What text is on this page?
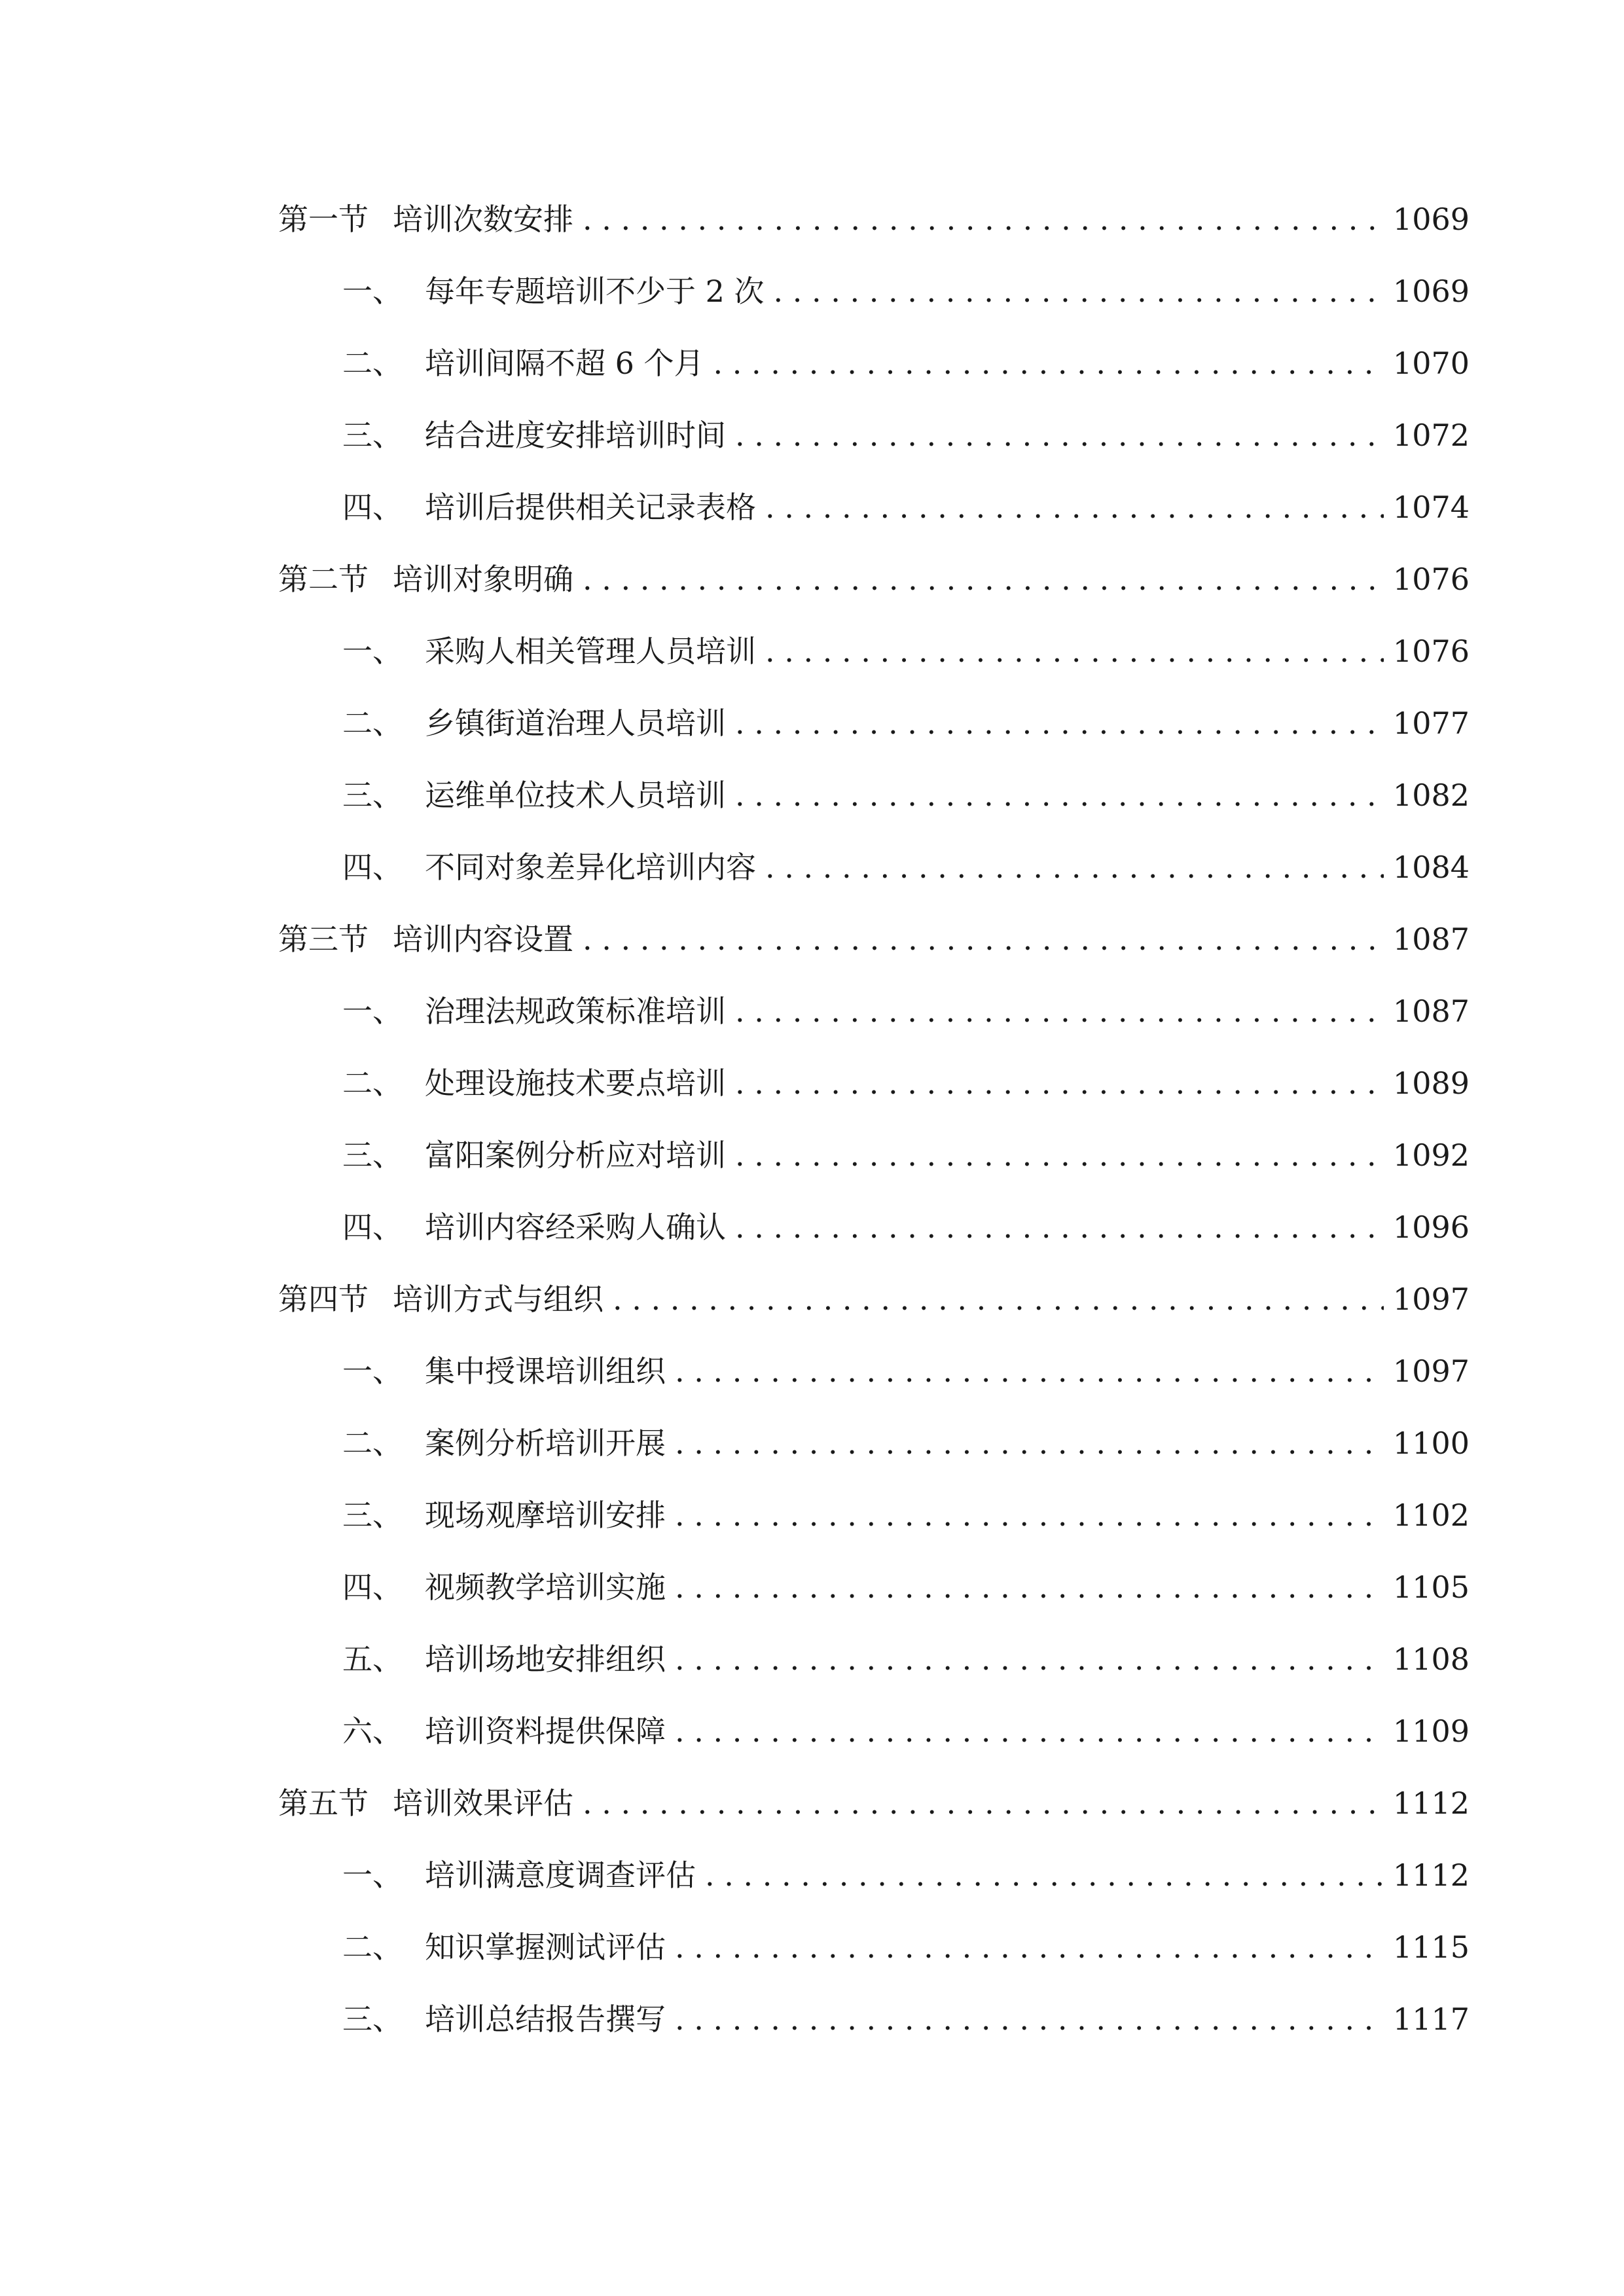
第一节 培训次数安排 . . .	1069
一、 每年专题培训不少于 2 次 . . .	1069
二、 培训间隔不超 6 个月 . . .	1070
三、 结合进度安排培训时间 . . .	1072
四、 培训后提供相关记录表格 . . .	1074
第二节 培训对象明确 . . .	1076
一、 采购人相关管理人员培训 . . .	1076
二、 乡镇街道治理人员培训 . . .	1077
三、 运维单位技术人员培训 . . .	1082
四、 不同对象差异化培训内容 . . .	1084
第三节 培训内容设置 . . .	1087
一、 治理法规政策标准培训 . . .	1087
二、 处理设施技术要点培训 . . .	1089
三、 富阳案例分析应对培训 . . .	1092
四、 培训内容经采购人确认 . . .	1096
第四节 培训方式与组织 . . .	1097
一、 集中授课培训组织 . . .	1097
二、 案例分析培训开展 . . .	1100
三、 现场观摩培训安排 . . .	1102
四、 视频教学培训实施 . . .	1105
五、 培训场地安排组织 . . .	1108
六、 培训资料提供保障 . . .	1109
第五节 培训效果评估 . . .	1112
一、 培训满意度调查评估 . . .	1112
二、 知识掌握测试评估 . . .	1115
三、 培训总结报告撰写 . . .	1117
